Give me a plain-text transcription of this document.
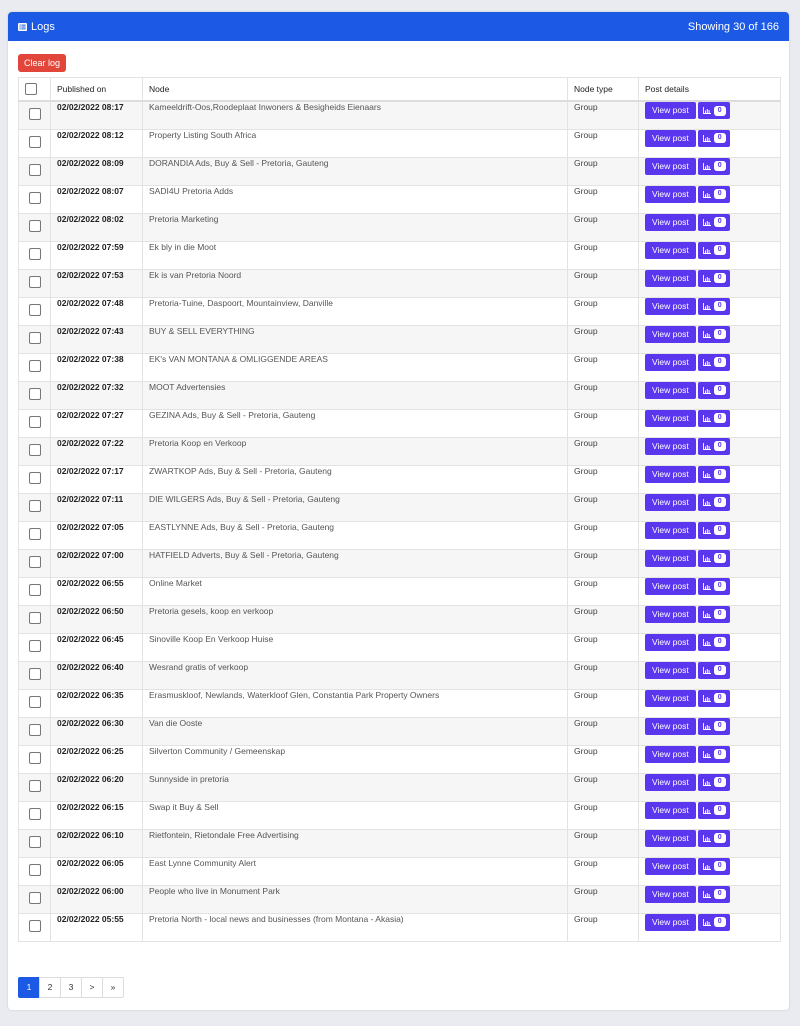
Logs	Showing 30 of 166
Clear log
	Published on	Node	Node type	Post details
	02/02/2022 08:17	Kameeldrift-Oos,Roodeplaat Inwoners & Besigheids Eienaars	Group	View post 0

	02/02/2022 08:12	Property Listing South Africa	Group	View post 0

	02/02/2022 08:09	DORANDIA Ads, Buy & Sell - Pretoria, Gauteng	Group	View post 0

	02/02/2022 08:07	SADI4U Pretoria Adds	Group	View post 0

	02/02/2022 08:02	Pretoria Marketing	Group	View post 0

	02/02/2022 07:59	Ek bly in die Moot	Group	View post 0

	02/02/2022 07:53	Ek is van Pretoria Noord	Group	View post 0

	02/02/2022 07:48	Pretoria-Tuine, Daspoort, Mountainview, Danville	Group	View post 0

	02/02/2022 07:43	BUY & SELL EVERYTHING	Group	View post 0

	02/02/2022 07:38	EK's VAN MONTANA & OMLIGGENDE AREAS	Group	View post 0

	02/02/2022 07:32	MOOT Advertensies	Group	View post 0

	02/02/2022 07:27	GEZINA Ads, Buy & Sell - Pretoria, Gauteng	Group	View post 0

	02/02/2022 07:22	Pretoria Koop en Verkoop	Group	View post 0

	02/02/2022 07:17	ZWARTKOP Ads, Buy & Sell - Pretoria, Gauteng	Group	View post 0

	02/02/2022 07:11	DIE WILGERS Ads, Buy & Sell - Pretoria, Gauteng	Group	View post 0

	02/02/2022 07:05	EASTLYNNE Ads, Buy & Sell - Pretoria, Gauteng	Group	View post 0

	02/02/2022 07:00	HATFIELD Adverts, Buy & Sell - Pretoria, Gauteng	Group	View post 0

	02/02/2022 06:55	Online Market	Group	View post 0

	02/02/2022 06:50	Pretoria gesels, koop en verkoop	Group	View post 0

	02/02/2022 06:45	Sinoville Koop En Verkoop Huise	Group	View post 0

	02/02/2022 06:40	Wesrand gratis of verkoop	Group	View post 0

	02/02/2022 06:35	Erasmuskloof, Newlands, Waterkloof Glen, Constantia Park Property Owners	Group	View post 0

	02/02/2022 06:30	Van die Ooste	Group	View post 0

	02/02/2022 06:25	Silverton Community / Gemeenskap	Group	View post 0

	02/02/2022 06:20	Sunnyside in pretoria	Group	View post 0

	02/02/2022 06:15	Swap it Buy & Sell	Group	View post 0

	02/02/2022 06:10	Rietfontein, Rietondale Free Advertising	Group	View post 0

	02/02/2022 06:05	East Lynne Community Alert	Group	View post 0

	02/02/2022 06:00	People who live in Monument Park	Group	View post 0

	02/02/2022 05:55	Pretoria North - local news and businesses (from Montana - Akasia)	Group	View post 0
1	2	3	>	»
